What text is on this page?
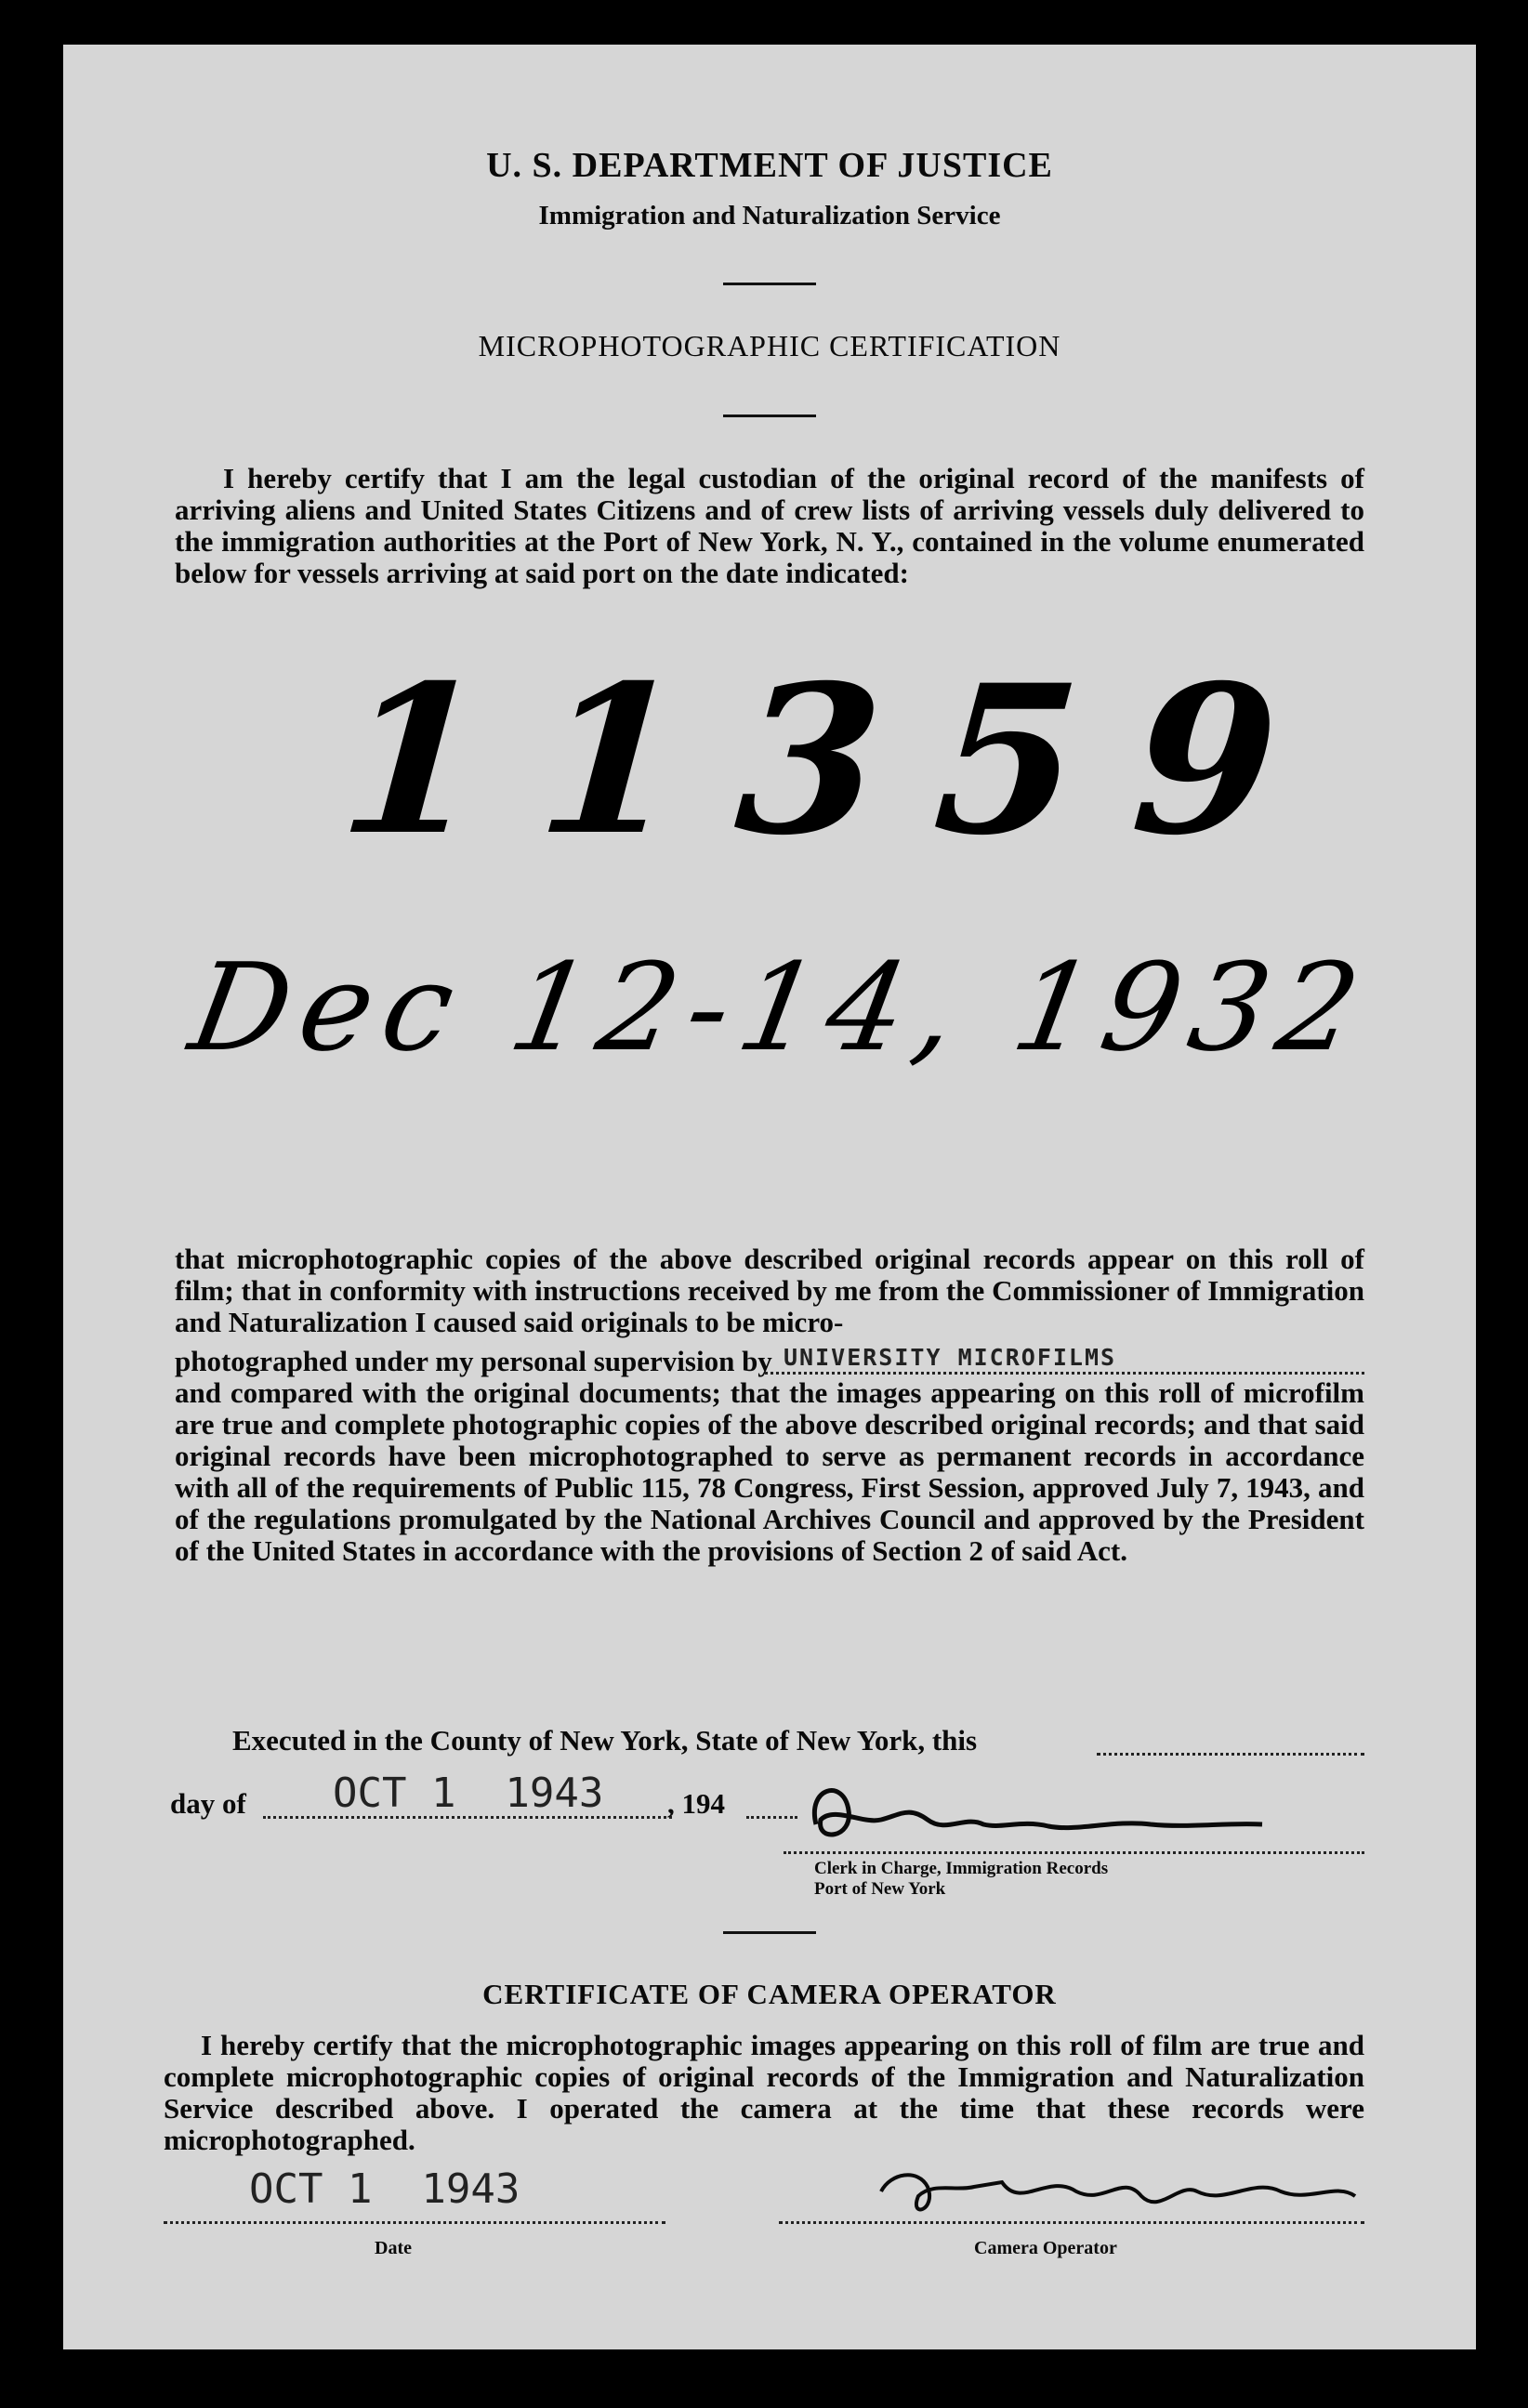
U. S. DEPARTMENT OF JUSTICE
Immigration and Naturalization Service
MICROPHOTOGRAPHIC CERTIFICATION

I hereby certify that I am the legal custodian of the original record of the manifests of arriving aliens and United States Citizens and of crew lists of arriving vessels duly delivered to the immigration authorities at the Port of New York, N. Y., contained in the volume enumerated below for vessels arriving at said port on the date indicated:

11359
Dec 12-14, 1932

that microphotographic copies of the above described original records appear on this roll of film; that in conformity with instructions received by me from the Commissioner of Immigration and Naturalization I caused said originals to be micro-

photographed under my personal supervision by UNIVERSITY MICROFILMS

and compared with the original documents; that the images appearing on this roll of microfilm are true and complete photographic copies of the above described original records; and that said original records have been microphotographed to serve as permanent records in accordance with all of the requirements of Public 115, 78 Congress, First Session, approved July 7, 1943, and of the regulations promulgated by the National Archives Council and approved by the President of the United States in accordance with the provisions of Section 2 of said Act.

Executed in the County of New York, State of New York, this
day of	OCT 1  1943 , 194
Clerk in Charge, Immigration Records
Port of New York
CERTIFICATE OF CAMERA OPERATOR

I hereby certify that the microphotographic images appearing on this roll of film are true and complete microphotographic copies of original records of the Immigration and Naturalization Service described above. I operated the camera at the time that these records were microphotographed.

OCT 1  1943
Date	Camera Operator
